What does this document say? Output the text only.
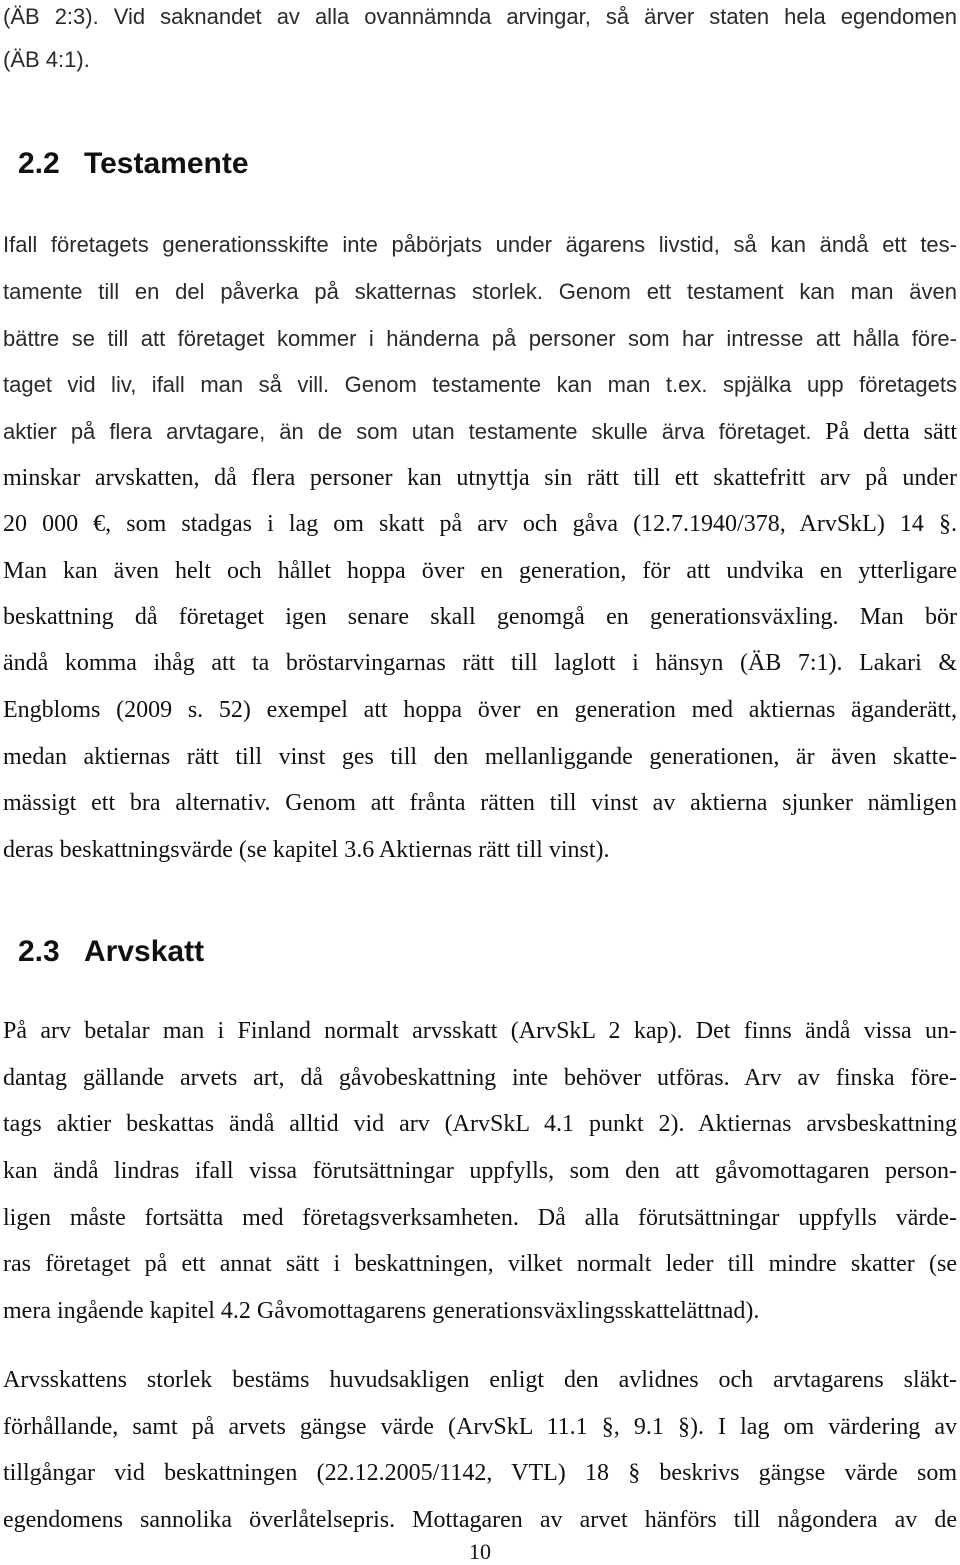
(ÄB 2:3). Vid saknandet av alla ovannämnda arvingar, så ärver staten hela egendomen
(ÄB 4:1).
2.2 Testamente
Ifall företagets generationsskifte inte påbörjats under ägarens livstid, så kan ändå ett tes-
tamente till en del påverka på skatternas storlek. Genom ett testament kan man även
bättre se till att företaget kommer i händerna på personer som har intresse att hålla före-
taget vid liv, ifall man så vill. Genom testamente kan man t.ex. spjälka upp företagets
aktier på flera arvtagare, än de som utan testamente skulle ärva företaget. På detta sätt
minskar arvskatten, då flera personer kan utnyttja sin rätt till ett skattefritt arv på under
20 000 €, som stadgas i lag om skatt på arv och gåva (12.7.1940/378, ArvSkL) 14 §.
Man kan även helt och hållet hoppa över en generation, för att undvika en ytterligare
beskattning då företaget igen senare skall genomgå en generationsväxling. Man bör
ändå komma ihåg att ta bröstarvingarnas rätt till laglott i hänsyn (ÄB 7:1). Lakari &
Engbloms (2009 s. 52) exempel att hoppa över en generation med aktiernas äganderätt,
medan aktiernas rätt till vinst ges till den mellanliggande generationen, är även skatte-
mässigt ett bra alternativ. Genom att frånta rätten till vinst av aktierna sjunker nämligen
deras beskattningsvärde (se kapitel 3.6 Aktiernas rätt till vinst).
2.3 Arvskatt
På arv betalar man i Finland normalt arvsskatt (ArvSkL 2 kap). Det finns ändå vissa un-
dantag gällande arvets art, då gåvobeskattning inte behöver utföras. Arv av finska före-
tags aktier beskattas ändå alltid vid arv (ArvSkL 4.1 punkt 2). Aktiernas arvsbeskattning
kan ändå lindras ifall vissa förutsättningar uppfylls, som den att gåvomottagaren person-
ligen måste fortsätta med företagsverksamheten. Då alla förutsättningar uppfylls värde-
ras företaget på ett annat sätt i beskattningen, vilket normalt leder till mindre skatter (se
mera ingående kapitel 4.2 Gåvomottagarens generationsväxlingsskattelättnad).
Arvsskattens storlek bestäms huvudsakligen enligt den avlidnes och arvtagarens släkt-
förhållande, samt på arvets gängse värde (ArvSkL 11.1 §, 9.1 §). I lag om värdering av
tillgångar vid beskattningen (22.12.2005/1142, VTL) 18 § beskrivs gängse värde som
egendomens sannolika överlåtelsepris. Mottagaren av arvet hänförs till någondera av de
10
